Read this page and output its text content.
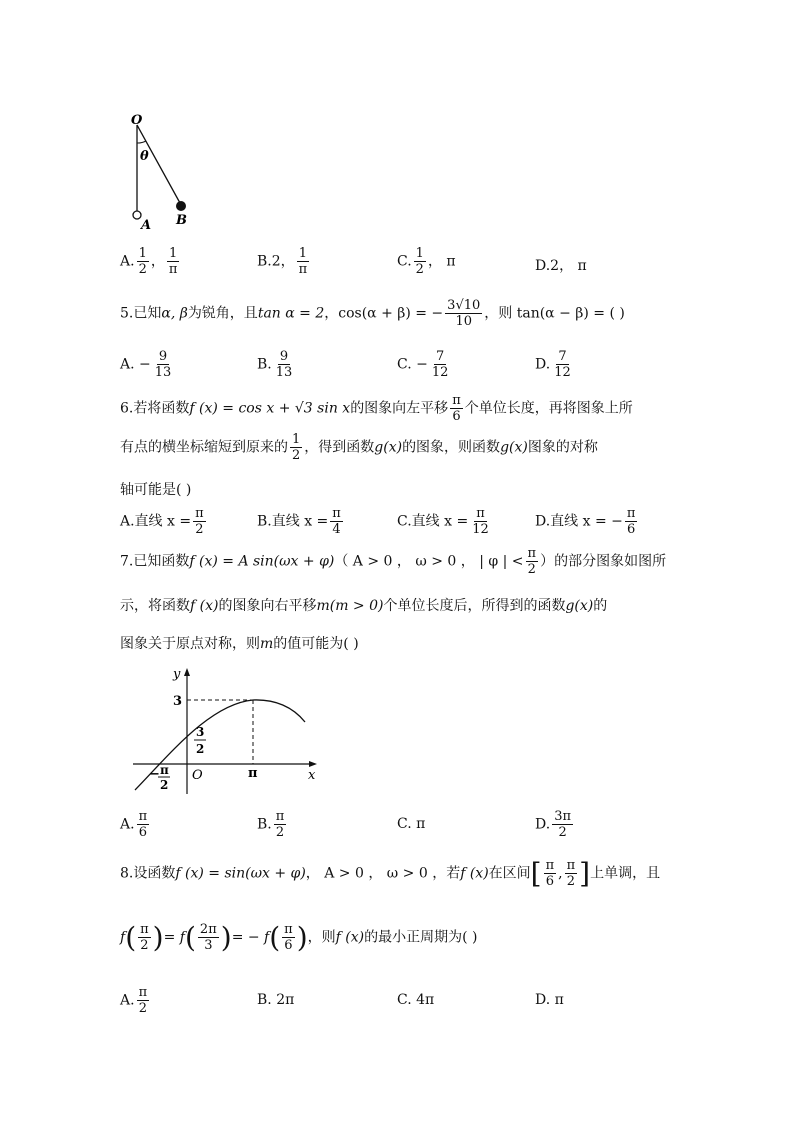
O
θ
A B
A. $\frac{1}{2}$ ， $\frac{1}{\pi}$	B.2， $\frac{1}{\pi}$	C. $\frac{1}{2}$ ， π	D.2， π
5.已知α, β为锐角，且tan α = 2，cos(α + β) = − $\frac{3√10}{10}$ ，则 tan(α − β) = ( )
A. − $\frac{9}{13}$	B. $\frac{9}{13}$	C. − $\frac{7}{12}$	D. $\frac{7}{12}$
6.若将函数f (x) = cos x + √3 sin x的图象向左平移 $\frac{\pi}{6}$ 个单位长度，再将图象上所
有点的横坐标缩短到原来的 $\frac{1}{2}$ ，得到函数g(x)的图象，则函数g(x)图象的对称
轴可能是( )
A.直线 $x = \frac{\pi}{2}$	B.直线 $x = \frac{\pi}{4}$	C.直线 $x = \frac{\pi}{12}$	D.直线 x = − $\frac{\pi}{6}$
7.已知函数f (x) = A sin(ωx + φ)（ A > 0 ， ω > 0 ， | φ | < $\frac{\pi}{2}$ ）的部分图象如图所
示，将函数f (x)的图象向右平移m(m > 0)个单位长度后，所得到的函数g(x)的
图象关于原点对称，则m的值可能为( )
y
x
3
3
2
O	π
− π
2
A. $\frac{\pi}{6}$	B. $\frac{\pi}{2}$	C. π	D. $\frac{3\pi}{2}$
8.设函数f (x) = sin(ωx + φ)， A > 0 ， ω > 0 ，若f (x)在区间[ $\frac{\pi}{6}$ , $\frac{\pi}{2}$ ]上单调，且
$f( \frac{\pi}{2}$ )= $f( \frac{2\pi}{3}$ )= − $f( \frac{\pi}{6}$ )，则f (x)的最小正周期为( )
A. $\frac{\pi}{2}$	B. 2π	C. 4π	D. π
